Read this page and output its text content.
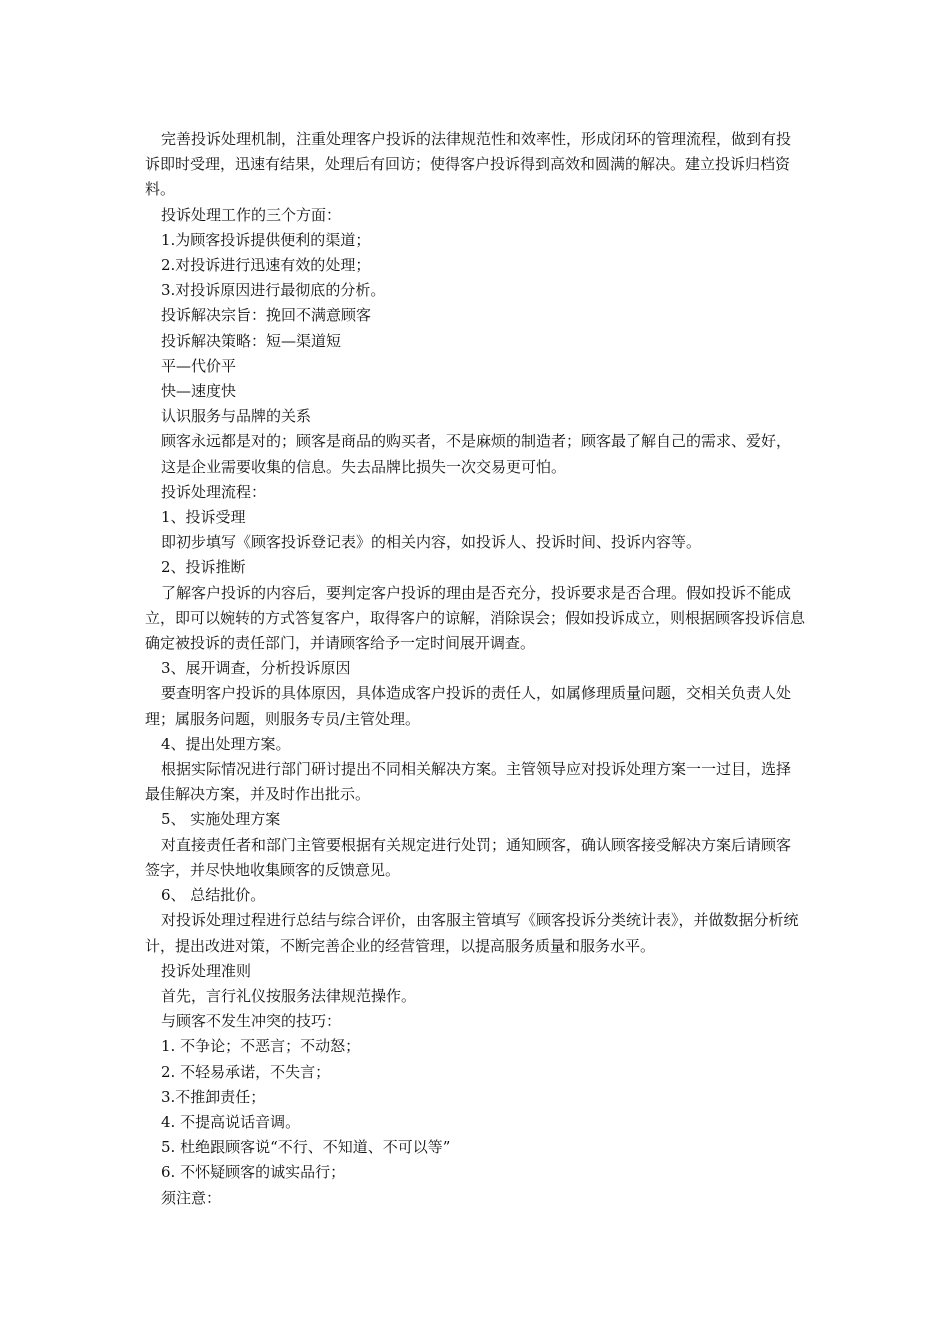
完善投诉处理机制，注重处理客户投诉的法律规范性和效率性，形成闭环的管理流程，做到有投诉即时受理，迅速有结果，处理后有回访；使得客户投诉得到高效和圆满的解决。建立投诉归档资料。

投诉处理工作的三个方面：

1.为顾客投诉提供便利的渠道；

2.对投诉进行迅速有效的处理；

3.对投诉原因进行最彻底的分析。

投诉解决宗旨：挽回不满意顾客

投诉解决策略：短—渠道短

平—代价平

快—速度快

认识服务与品牌的关系

顾客永远都是对的；顾客是商品的购买者，不是麻烦的制造者；顾客最了解自己的需求、爱好，这是企业需要收集的信息。失去品牌比损失一次交易更可怕。

投诉处理流程：

1、投诉受理

即初步填写《顾客投诉登记表》的相关内容，如投诉人、投诉时间、投诉内容等。

2、投诉推断

了解客户投诉的内容后，要判定客户投诉的理由是否充分，投诉要求是否合理。假如投诉不能成立，即可以婉转的方式答复客户，取得客户的谅解，消除误会；假如投诉成立，则根据顾客投诉信息确定被投诉的责任部门，并请顾客给予一定时间展开调查。

3、展开调查，分析投诉原因

要查明客户投诉的具体原因，具体造成客户投诉的责任人，如属修理质量问题，交相关负责人处理；属服务问题，则服务专员/主管处理。

4、提出处理方案。

根据实际情况进行部门研讨提出不同相关解决方案。主管领导应对投诉处理方案一一过目，选择最佳解决方案，并及时作出批示。

5、 实施处理方案

对直接责任者和部门主管要根据有关规定进行处罚；通知顾客，确认顾客接受解决方案后请顾客签字，并尽快地收集顾客的反馈意见。

6、 总结批价。

对投诉处理过程进行总结与综合评价，由客服主管填写《顾客投诉分类统计表》，并做数据分析统计，提出改进对策，不断完善企业的经营管理，以提高服务质量和服务水平。

投诉处理准则

首先，言行礼仪按服务法律规范操作。

与顾客不发生冲突的技巧：

1. 不争论；不恶言；不动怒；

2. 不轻易承诺，不失言；

3.不推卸责任；

4. 不提高说话音调。

5. 杜绝跟顾客说“不行、不知道、不可以等”

6. 不怀疑顾客的诚实品行；

须注意：
